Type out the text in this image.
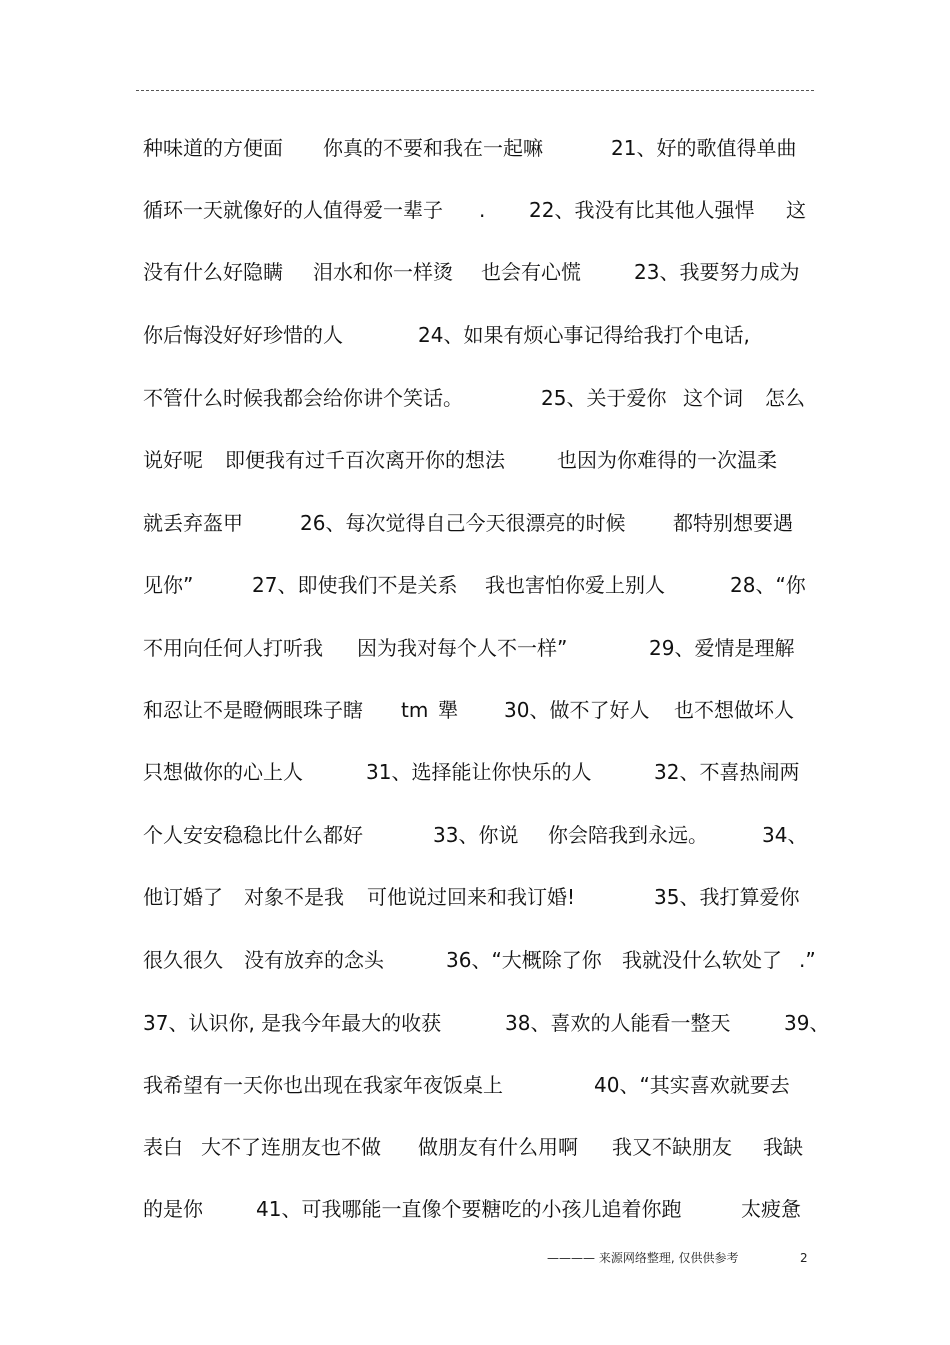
种味道的方便面

你真的不要和我在一起嘛

	21、好的歌值得单曲

循环一天就像好的人值得爱一辈子

.

22、我没有比其他人强悍

这

没有什么好隐瞒

泪水和你一样烫

也会有心慌

	23、我要努力成为

你后悔没好好珍惜的人

	24、如果有烦心事记得给我打个电话,

不管什么时候我都会给你讲个笑话。

	25、关于爱你

这个词

怎么

说好呢

即便我有过千百次离开你的想法

	也因为你难得的一次温柔

就丢弃盔甲

	26、每次觉得自己今天很漂亮的时候

都特别想要遇

见你”

	27、即使我们不是关系

我也害怕你爱上别人

	28、“你

不用向任何人打听我

因为我对每个人不一样”

	29、爱情是理解

和忍让不是瞪俩眼珠子瞎

tm

犟

30、做不了好人

也不想做坏人

只想做你的心上人

	31、选择能让你快乐的人

	32、不喜热闹两

个人安安稳稳比什么都好

	33、你说

你会陪我到永远。

	34、

他订婚了

对象不是我

可他说过回来和我订婚!

	35、我打算爱你

很久很久

没有放弃的念头

	36、“大概除了你

我就没什么软处了

.”

37、认识你, 是我今年最大的收获

	38、喜欢的人能看一整天

	39、

我希望有一天你也出现在我家年夜饭桌上

	40、“其实喜欢就要去

表白

大不了连朋友也不做

做朋友有什么用啊

我又不缺朋友

我缺

的是你

	41、可我哪能一直像个要糖吃的小孩儿追着你跑

	太疲惫

———— 来源网络整理, 仅供供参考	2
